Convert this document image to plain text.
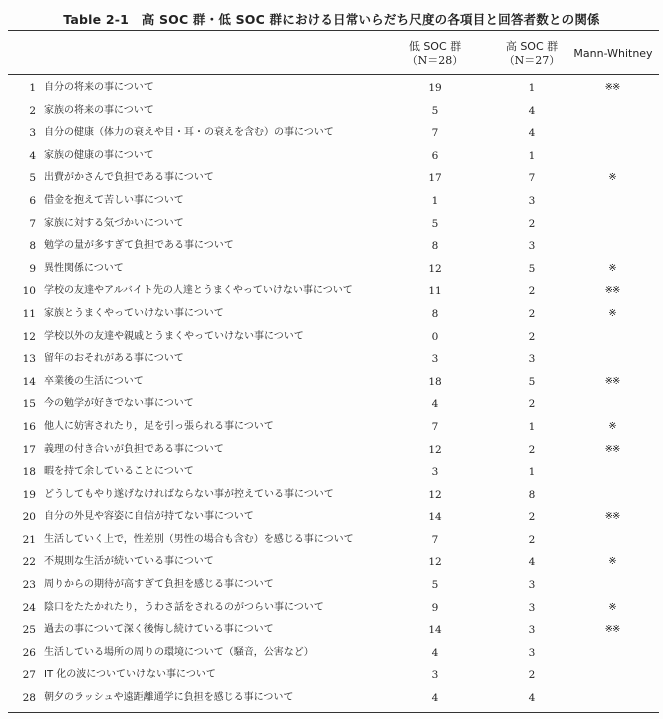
Table 2-1　高 SOC 群・低 SOC 群における日常いらだち尺度の各項目と回答者数との関係
低 SOC 群
（N＝28）
高 SOC 群
（N＝27）
Mann-Whitney
1 自分の将来の事について	19	1	※※
2 家族の将来の事について	5	4
3 自分の健康（体力の衰えや目・耳・の衰えを含む）の事について	7	4
4 家族の健康の事について	6	1
5 出費がかさんで負担である事について	17	7	※
6 借金を抱えて苦しい事について	1	3
7 家族に対する気づかいについて	5	2
8 勉学の量が多すぎて負担である事について	8	3
9 異性関係について	12	5	※
10 学校の友達やアルバイト先の人達とうまくやっていけない事について	11	2	※※
11 家族とうまくやっていけない事について	8	2	※
12 学校以外の友達や親戚とうまくやっていけない事について	0	2
13 留年のおそれがある事について	3	3
14 卒業後の生活について	18	5	※※
15 今の勉学が好きでない事について	4	2
16 他人に妨害されたり，足を引っ張られる事について	7	1	※
17 義理の付き合いが負担である事について	12	2	※※
18 暇を持て余していることについて	3	1
19 どうしてもやり遂げなければならない事が控えている事について	12	8
20 自分の外見や容姿に自信が持てない事について	14	2	※※
21 生活していく上で，性差別（男性の場合も含む）を感じる事について	7	2
22 不規則な生活が続いている事について	12	4	※
23 周りからの期待が高すぎて負担を感じる事について	5	3
24 陰口をたたかれたり，うわさ話をされるのがつらい事について	9	3	※
25 過去の事について深く後悔し続けている事について	14	3	※※
26 生活している場所の周りの環境について（騒音，公害など）	4	3
27 IT 化の波についていけない事について	3	2
28 朝夕のラッシュや遠距離通学に負担を感じる事について	4	4
